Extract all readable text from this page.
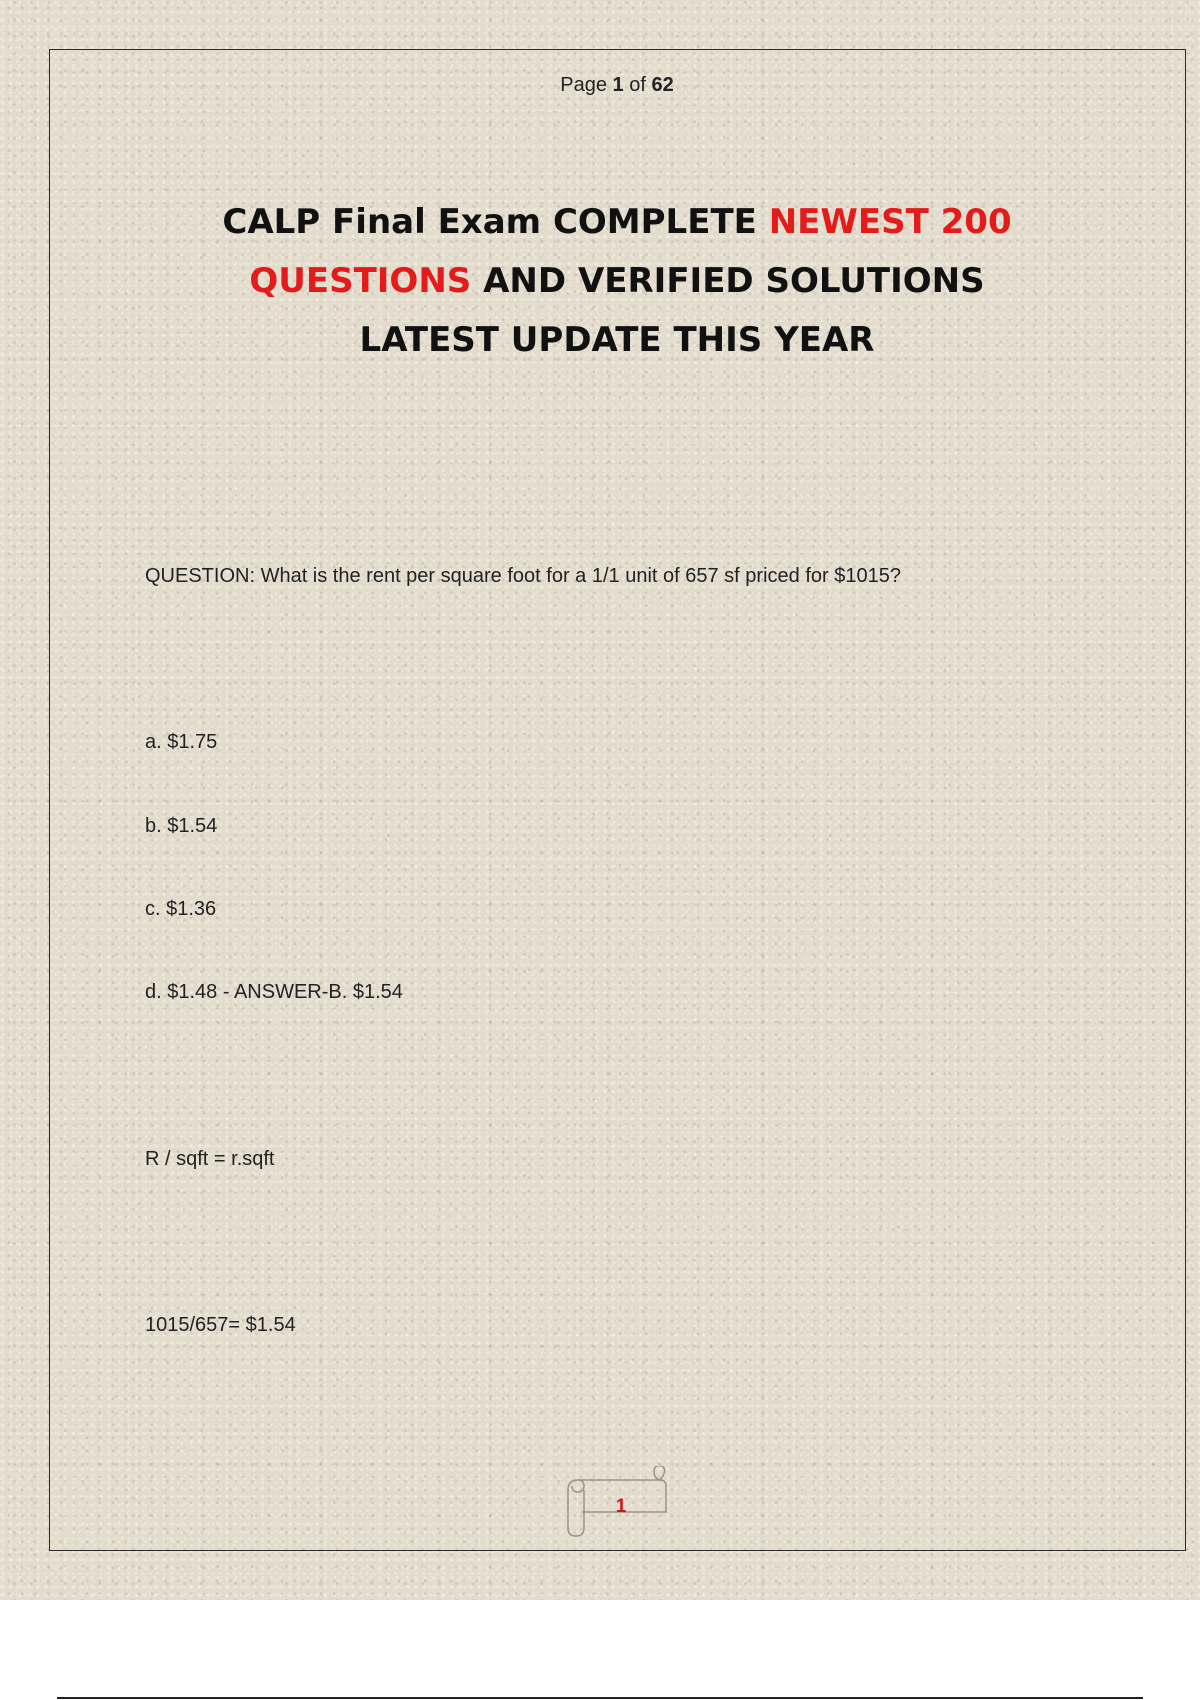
Page 1 of 62
CALP Final Exam COMPLETE NEWEST 200
QUESTIONS AND VERIFIED SOLUTIONS
LATEST UPDATE THIS YEAR
QUESTION: What is the rent per square foot for a 1/1 unit of 657 sf priced for $1015?
a. $1.75
b. $1.54
c. $1.36
d. $1.48 - ANSWER-B. $1.54
R / sqft = r.sqft
1015/657= $1.54
1
